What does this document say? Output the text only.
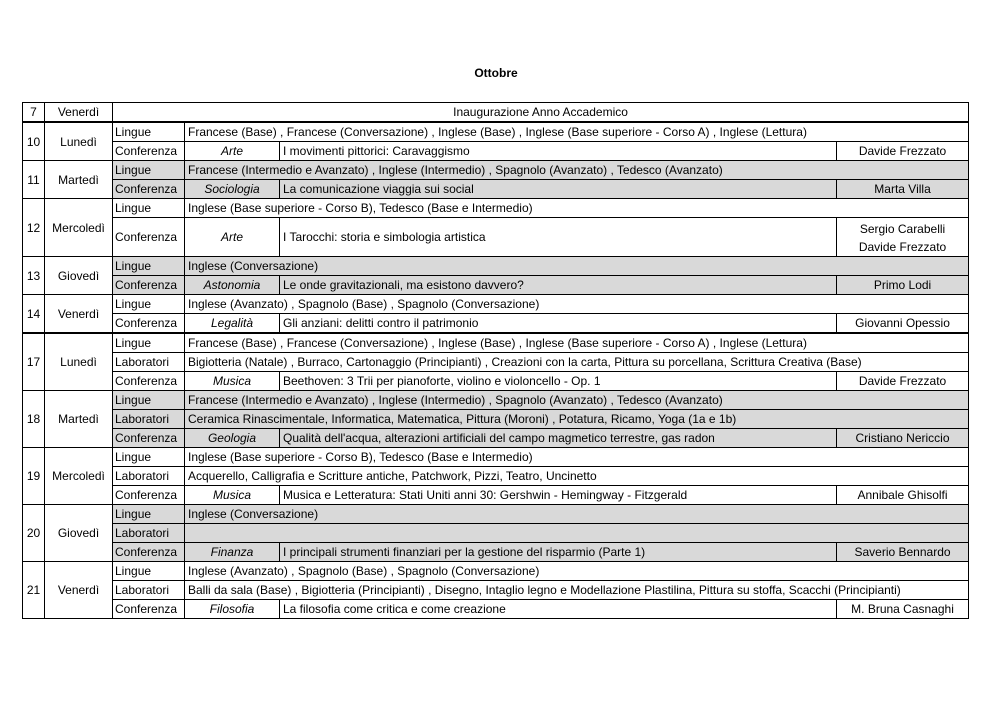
Ottobre
7	Venerdì	Inaugurazione Anno Accademico			
10	Lunedì	Lingue	Francese (Base) , Francese (Conversazione) , Inglese (Base) , Inglese (Base superiore - Corso A) , Inglese (Lettura)		
		Conferenza	Arte	I movimenti pittorici: Caravaggismo	Davide Frezzato

11	Martedì	Lingue	Francese (Intermedio e Avanzato) , Inglese (Intermedio) , Spagnolo (Avanzato) , Tedesco (Avanzato)		
		Conferenza	Sociologia	La comunicazione viaggia sui social	Marta Villa

12	Mercoledì	Lingue	Inglese (Base superiore - Corso B), Tedesco (Base e Intermedio)		
		Conferenza	Arte	I Tarocchi: storia e simbologia artistica	Sergio Carabelli
Davide Frezzato

13	Giovedì	Lingue	Inglese (Conversazione)		
		Conferenza	Astonomia	Le onde gravitazionali, ma esistono davvero?	Primo Lodi

14	Venerdì	Lingue	Inglese (Avanzato) , Spagnolo (Base) , Spagnolo (Conversazione)		
		Conferenza	Legalità	Gli anziani: delitti contro il patrimonio	Giovanni Opessio

17	Lunedì	Lingue	Francese (Base) , Francese (Conversazione) , Inglese (Base) , Inglese (Base superiore - Corso A) , Inglese (Lettura)		
		Laboratori	Bigiotteria (Natale) , Burraco, Cartonaggio (Principianti) , Creazioni con la carta, Pittura su porcellana, Scrittura Creativa (Base)		
		Conferenza	Musica	Beethoven: 3 Trii per pianoforte, violino e violoncello - Op. 1	Davide Frezzato

18	Martedì	Lingue	Francese (Intermedio e Avanzato) , Inglese (Intermedio) , Spagnolo (Avanzato) , Tedesco (Avanzato)		
		Laboratori	Ceramica Rinascimentale, Informatica, Matematica, Pittura (Moroni) , Potatura, Ricamo, Yoga (1a e 1b)		
		Conferenza	Geologia	Qualità dell'acqua, alterazioni artificiali del campo magmetico terrestre, gas radon	Cristiano Nericcio

19	Mercoledì	Lingue	Inglese (Base superiore - Corso B), Tedesco (Base e Intermedio)		
		Laboratori	Acquerello, Calligrafia e Scritture antiche, Patchwork, Pizzi, Teatro, Uncinetto		
		Conferenza	Musica	Musica e Letteratura: Stati Uniti anni 30: Gershwin - Hemingway - Fitzgerald	Annibale Ghisolfi

20	Giovedì	Lingue	Inglese (Conversazione)		
		Laboratori			
		Conferenza	Finanza	I principali strumenti finanziari per la gestione del risparmio (Parte 1)	Saverio Bennardo

21	Venerdì	Lingue	Inglese (Avanzato) , Spagnolo (Base) , Spagnolo (Conversazione)		
		Laboratori	Balli da sala (Base) , Bigiotteria (Principianti) , Disegno, Intaglio legno e Modellazione Plastilina, Pittura su stoffa, Scacchi (Principianti)		
		Conferenza	Filosofia	La filosofia come critica e come creazione	M. Bruna Casnaghi
